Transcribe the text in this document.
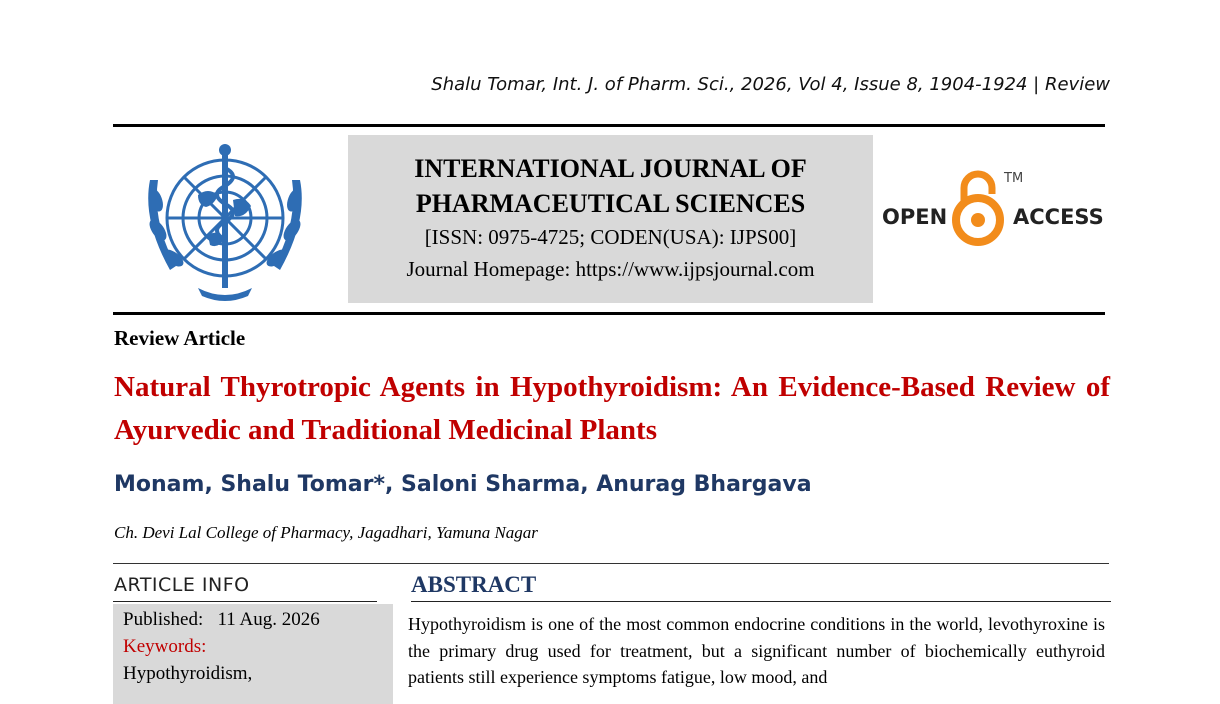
Shalu Tomar, Int. J. of Pharm. Sci., 2026, Vol 4, Issue 8, 1904-1924 | Review

INTERNATIONAL JOURNAL OF

PHARMACEUTICAL SCIENCES

[ISSN: 0975-4725; CODEN(USA): IJPS00]

Journal Homepage: https://www.ijpsjournal.com

OPEN	ACCESS
TM
Review Article

Natural Thyrotropic Agents in Hypothyroidism: An Evidence-Based Review of Ayurvedic and Traditional Medicinal Plants

Monam, Shalu Tomar*, Saloni Sharma, Anurag Bhargava
Ch. Devi Lal College of Pharmacy, Jagadhari, Yamuna Nagar
ARTICLE INFO
Published: 11 Aug. 2026
Keywords:
Hypothyroidism,
ABSTRACT

Hypothyroidism is one of the most common endocrine conditions in the world, levothyroxine is the primary drug used for treatment, but a significant number of biochemically euthyroid patients still experience symptoms fatigue, low mood, and
